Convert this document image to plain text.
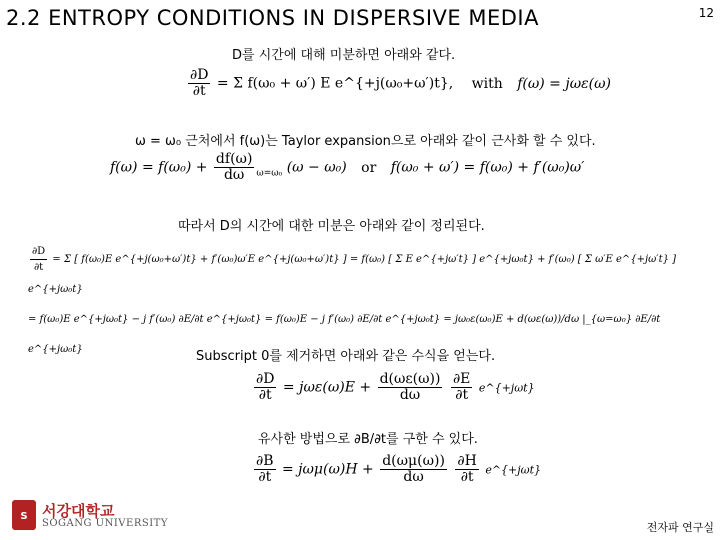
2.2 ENTROPY CONDITIONS IN DISPERSIVE MEDIA	12
D를 시간에 대해 미분하면 아래와 같다.
$\frac{\partial D}{\partial t} = \Sigma$ f(ω₀ + ω′) E e^{+j(ω₀+ω′)t}, with f(ω) = jωε(ω)
ω = ω₀ 근처에서 f(ω)는 Taylor expansion으로 아래와 같이 근사화 할 수 있다.
$f(\omega) = f(\omega_0) + \frac{df(\omega)}{d\omega} _{\omega=\omega_0}$ (ω − ω₀) or f(ω₀ + ω′) = f(ω₀) + f′(ω₀)ω′
따라서 D의 시간에 대한 미분은 아래와 같이 정리된다.
$\frac{\partial D}{\partial t} = \Sigma$ [ f(ω₀)E e^{+j(ω₀+ω′)t} + f′(ω₀)ω′E e^{+j(ω₀+ω′)t} ] = f(ω₀) [ Σ E e^{+jω′t} ] e^{+jω₀t} + f′(ω₀) [ Σ ω′E e^{+jω′t} ] e^{+jω₀t}
= f(ω₀)E e^{+jω₀t} − j f′(ω₀) ∂E/∂t e^{+jω₀t} = f(ω₀)E − j f′(ω₀) ∂E/∂t e^{+jω₀t} = jω₀ε(ω₀)E + d(ωε(ω))/dω |_{ω=ω₀} ∂E/∂t e^{+jω₀t}	Subscript 0를 제거하면 아래와 같은 수식을 얻는다.
$\frac{\partial D}{\partial t} = j\omega\varepsilon(\omega)E + \frac{d(\omega\varepsilon(\omega))}{d\omega}$
$\frac{\partial E}{\partial t}$ e^{+jωt}
유사한 방법으로 ∂B/∂t를 구한 수 있다.
$\frac{\partial B}{\partial t} = j\omega\mu(\omega)H + \frac{d(\omega\mu(\omega))}{d\omega}$
$\frac{\partial H}{\partial t}$ e^{+jωt}
S 서강대학교
SOGANG UNIVERSITY	전자파 연구실
